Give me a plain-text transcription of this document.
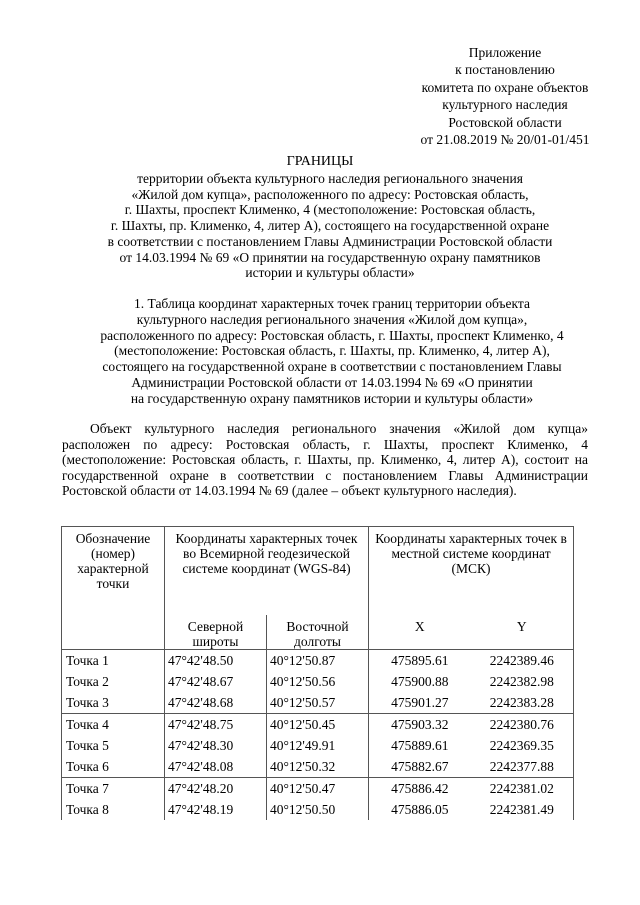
Приложение
к постановлению
комитета по охране объектов
культурного наследия
Ростовской области
от 21.08.2019 № 20/01-01/451
ГРАНИЦЫ
территории объекта культурного наследия регионального значения
«Жилой дом купца», расположенного по адресу: Ростовская область,
г. Шахты, проспект Клименко, 4 (местоположение: Ростовская область,
г. Шахты, пр. Клименко, 4, литер А), состоящего на государственной охране
в соответствии с постановлением Главы Администрации Ростовской области
от 14.03.1994 № 69 «О принятии на государственную охрану памятников
истории и культуры области»
1. Таблица координат характерных точек границ территории объекта
культурного наследия регионального значения «Жилой дом купца»,
расположенного по адресу: Ростовская область, г. Шахты, проспект Клименко, 4
(местоположение: Ростовская область, г. Шахты, пр. Клименко, 4, литер А),
состоящего на государственной охране в соответствии с постановлением Главы
Администрации Ростовской области от 14.03.1994 № 69 «О принятии
на государственную охрану памятников истории и культуры области»
Объект культурного наследия регионального значения «Жилой дом купца» расположен по адресу: Ростовская область, г. Шахты, проспект Клименко, 4 (местоположение: Ростовская область, г. Шахты, пр. Клименко, 4, литер А), состоит на государственной охране в соответствии с постановлением Главы Администрации Ростовской области от 14.03.1994 № 69 (далее – объект культурного наследия).
Обозначение (номер) характерной точки	Координаты характерных точек во Всемирной геодезической системе координат (WGS-84)		Координаты характерных точек в местной системе координат (МСК)	
	Северной широты	Восточной долготы	X	Y
Точка 1	47°42'48.50	40°12'50.87	475895.61	2242389.46
Точка 2	47°42'48.67	40°12'50.56	475900.88	2242382.98
Точка 3	47°42'48.68	40°12'50.57	475901.27	2242383.28
Точка 4	47°42'48.75	40°12'50.45	475903.32	2242380.76
Точка 5	47°42'48.30	40°12'49.91	475889.61	2242369.35
Точка 6	47°42'48.08	40°12'50.32	475882.67	2242377.88
Точка 7	47°42'48.20	40°12'50.47	475886.42	2242381.02
Точка 8	47°42'48.19	40°12'50.50	475886.05	2242381.49
